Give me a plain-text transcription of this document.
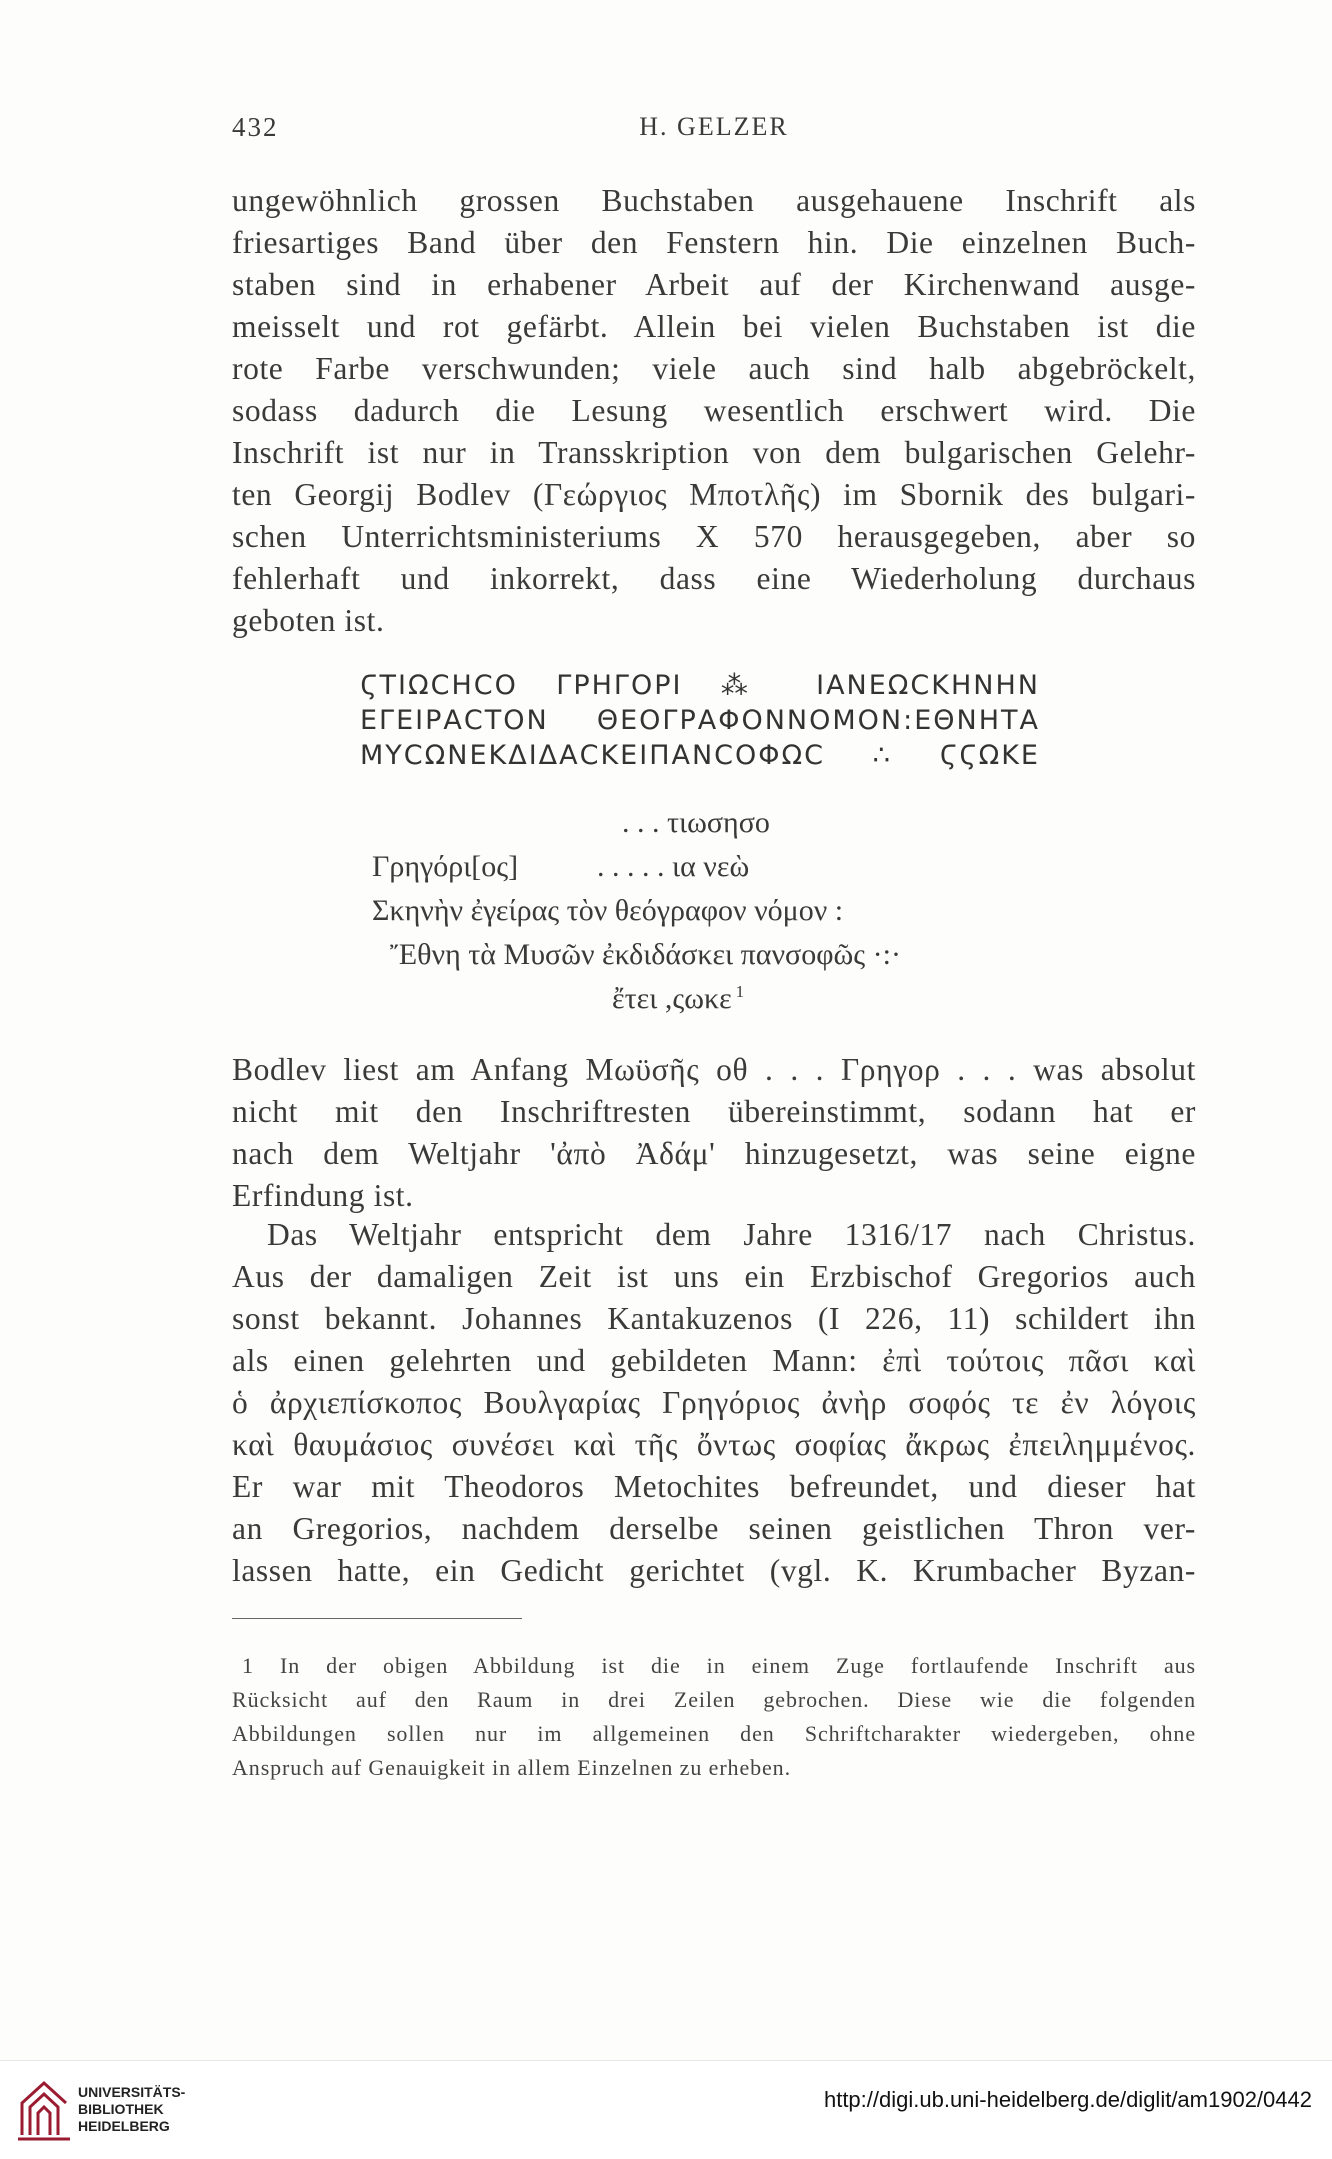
432	H. GELZER
ungewöhnlich grossen Buchstaben ausgehauene Inschrift als
friesartiges Band über den Fenstern hin. Die einzelnen Buch-
staben sind in erhabener Arbeit auf der Kirchenwand ausge-
meisselt und rot gefärbt. Allein bei vielen Buchstaben ist die
rote Farbe verschwunden; viele auch sind halb abgebröckelt,
sodass dadurch die Lesung wesentlich erschwert wird. Die
Inschrift ist nur in Transskription von dem bulgarischen Gelehr-
ten Georgij Bodlev (Γεώργιος Μποτλῆς) im Sbornik des bulgari-
schen Unterrichtsministeriums X 570 herausgegeben, aber so
fehlerhaft und inkorrekt, dass eine Wiederholung durchaus
geboten ist.
ϚΤΙΩϹΗϹΟ ΓΡΗΓΟΡΙ ⁂ ΙΑΝΕΩϹΚΗΝΗΝ
ΕΓΕΙΡΑϹΤΟΝ ΘΕΟΓΡΑΦΟΝΝΟΜΟΝ:ΕΘΝΗΤΑ
ΜΥϹΩΝΕΚΔΙΔΑϹΚΕΙΠΑΝϹΟΦΩϹ ∴ ϚϚΩΚΕ
. . . τιωσησο
Γρηγόρι[ος]	. . . . . ια νεὼ
Σκηνὴν ἐγείρας τὸν θεόγραφον νόμον :
Ἔθνη τὰ Μυσῶν ἐκδιδάσκει πανσοφῶς ·:·
ἔτει ,ςωκε $^1$
Bodlev liest am Anfang Μωϋσῆς οθ . . . Γρηγορ . . . was absolut
nicht mit den Inschriftresten übereinstimmt, sodann hat er
nach dem Weltjahr 'ἀπὸ Ἀδάμ' hinzugesetzt, was seine eigne
Erfindung ist.
Das Weltjahr entspricht dem Jahre 1316/17 nach Christus.
Aus der damaligen Zeit ist uns ein Erzbischof Gregorios auch
sonst bekannt. Johannes Kantakuzenos (I 226, 11) schildert ihn
als einen gelehrten und gebildeten Mann: ἐπὶ τούτοις πᾶσι καὶ
ὁ ἀρχιεπίσκοπος Βουλγαρίας Γρηγόριος ἀνὴρ σοφός τε ἐν λόγοις
καὶ θαυμάσιος συνέσει καὶ τῆς ὄντως σοφίας ἄκρως ἐπειλημμένος.
Er war mit Theodoros Metochites befreundet, und dieser hat
an Gregorios, nachdem derselbe seinen geistlichen Thron ver-
lassen hatte, ein Gedicht gerichtet (vgl. K. Krumbacher Byzan-
1 In der obigen Abbildung ist die in einem Zuge fortlaufende Inschrift aus
Rücksicht auf den Raum in drei Zeilen gebrochen. Diese wie die folgenden
Abbildungen sollen nur im allgemeinen den Schriftcharakter wiedergeben, ohne
Anspruch auf Genauigkeit in allem Einzelnen zu erheben.
UNIVERSITÄTS-
BIBLIOTHEK
HEIDELBERG
http://digi.ub.uni-heidelberg.de/diglit/am1902/0442
